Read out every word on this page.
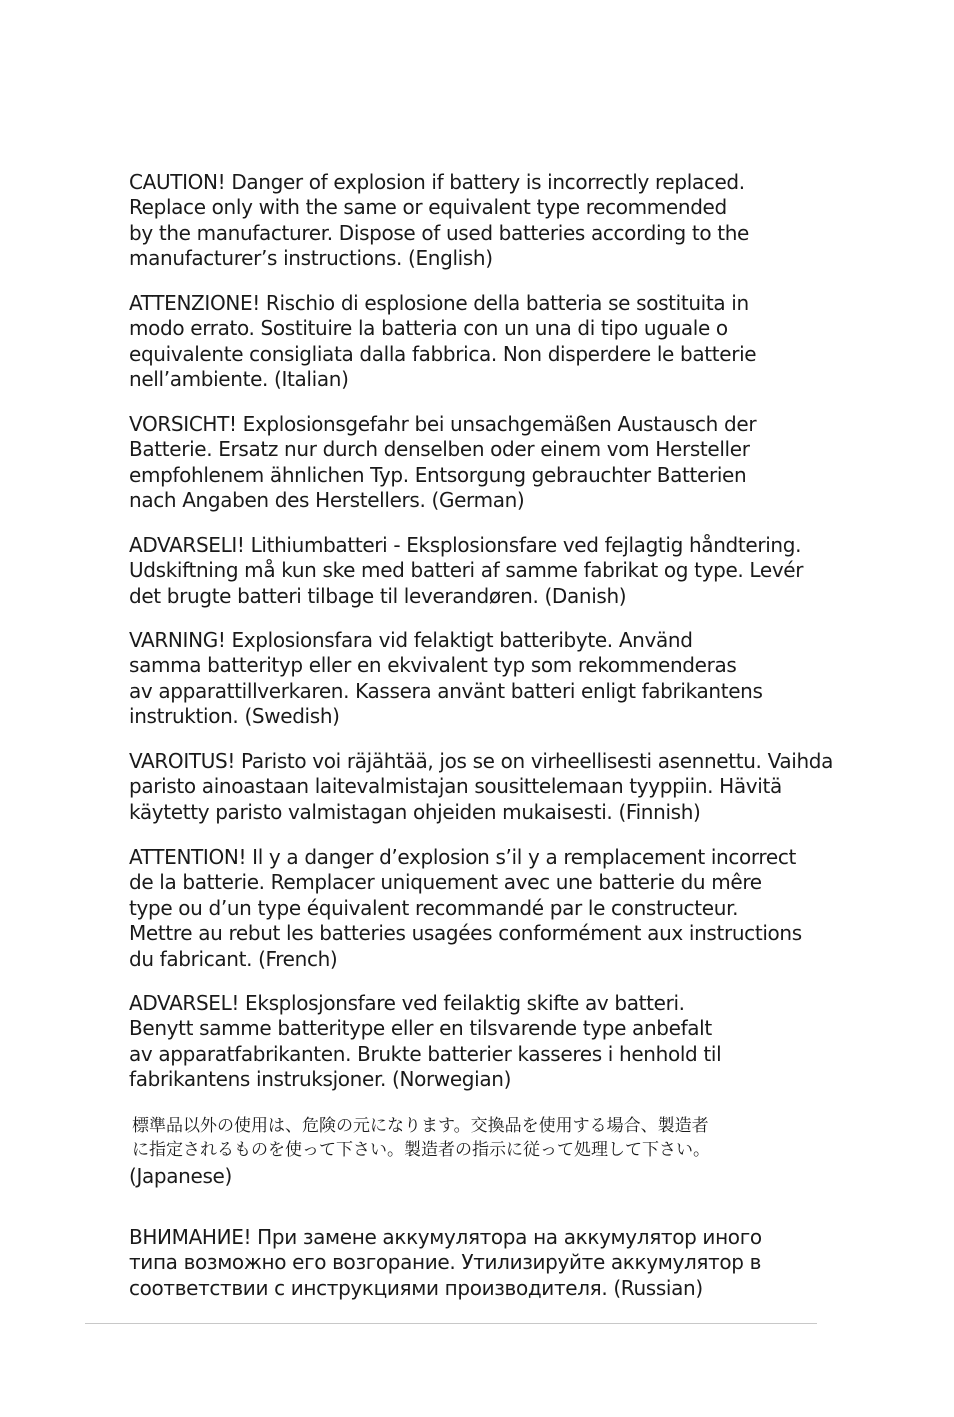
CAUTION! Danger of explosion if battery is incorrectly replaced.
Replace only with the same or equivalent type recommended
by the manufacturer. Dispose of used batteries according to the
manufacturer’s instructions. (English)
ATTENZIONE! Rischio di esplosione della batteria se sostituita in
modo errato. Sostituire la batteria con un una di tipo uguale o
equivalente consigliata dalla fabbrica. Non disperdere le batterie
nell’ambiente. (Italian)
VORSICHT! Explosionsgefahr bei unsachgemäßen Austausch der
Batterie. Ersatz nur durch denselben oder einem vom Hersteller
empfohlenem ähnlichen Typ. Entsorgung gebrauchter Batterien
nach Angaben des Herstellers. (German)
ADVARSELI! Lithiumbatteri - Eksplosionsfare ved fejlagtig håndtering.
Udskiftning må kun ske med batteri af samme fabrikat og type. Levér
det brugte batteri tilbage til leverandøren. (Danish)
VARNING! Explosionsfara vid felaktigt batteribyte. Använd
samma batterityp eller en ekvivalent typ som rekommenderas
av apparattillverkaren. Kassera använt batteri enligt fabrikantens
instruktion. (Swedish)
VAROITUS! Paristo voi räjähtää, jos se on virheellisesti asennettu. Vaihda
paristo ainoastaan laitevalmistajan sousittelemaan tyyppiin. Hävitä
käytetty paristo valmistagan ohjeiden mukaisesti. (Finnish)
ATTENTION! Il y a danger d’explosion s’il y a remplacement incorrect
de la batterie. Remplacer uniquement avec une batterie du mêre
type ou d’un type équivalent recommandé par le constructeur.
Mettre au rebut les batteries usagées conformément aux instructions
du fabricant. (French)
ADVARSEL! Eksplosjonsfare ved feilaktig skifte av batteri.
Benytt samme batteritype eller en tilsvarende type anbefalt
av apparatfabrikanten. Brukte batterier kasseres i henhold til
fabrikantens instruksjoner. (Norwegian)
標準品以外の使用は、危険の元になります。交換品を使用する場合、製造者
に指定されるものを使って下さい。製造者の指示に従って処理して下さい。
(Japanese)
ВНИМАНИЕ! При замене аккумулятора на аккумулятор иного
типа возможно его возгорание. Утилизируйте аккумулятор в
соответствии с инструкциями производителя. (Russian)
